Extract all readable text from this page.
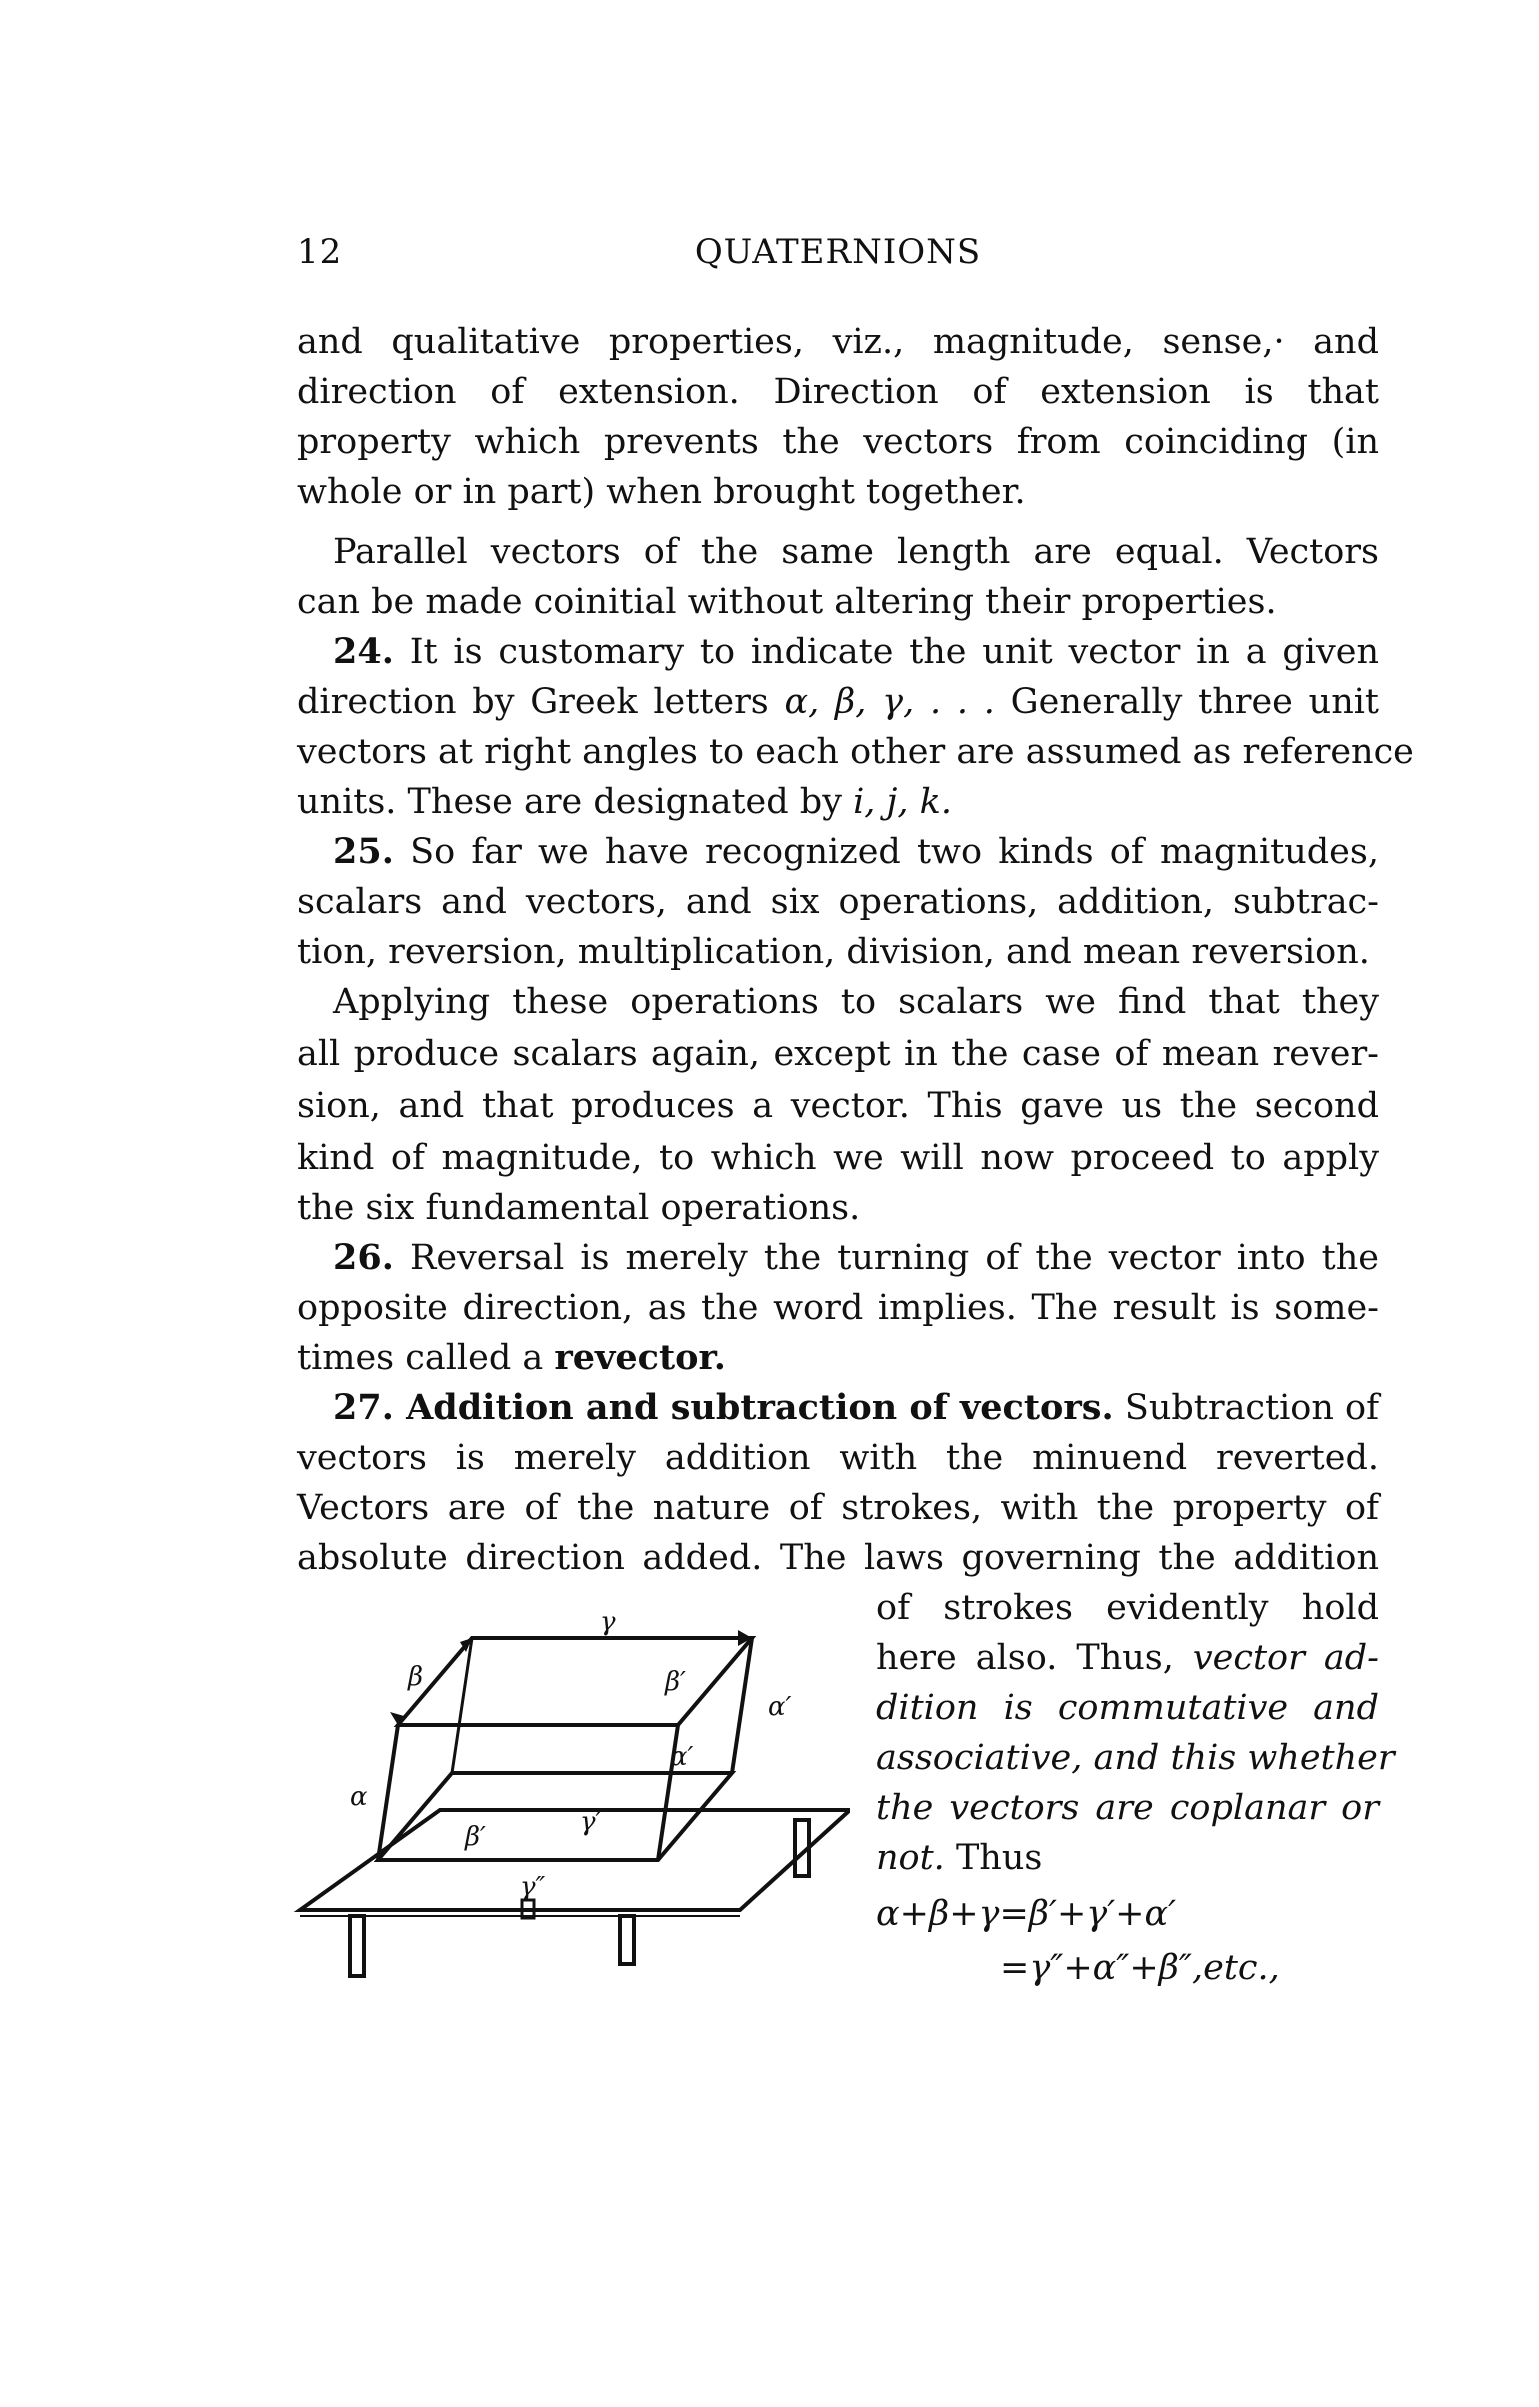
12	QUATERNIONS
and qualitative properties, viz., magnitude, sense,· and
direction of extension. Direction of extension is that
property which prevents the vectors from coinciding (in
whole or in part) when brought together.
Parallel vectors of the same length are equal. Vectors
can be made coinitial without altering their properties.
24. It is customary to indicate the unit vector in a given
direction by Greek letters α, β, γ, . . . Generally three unit
vectors at right angles to each other are assumed as reference
units. These are designated by i, j, k.
25. So far we have recognized two kinds of magnitudes,
scalars and vectors, and six operations, addition, subtrac-
tion, reversion, multiplication, division, and mean reversion.
Applying these operations to scalars we find that they
all produce scalars again, except in the case of mean rever-
sion, and that produces a vector. This gave us the second
kind of magnitude, to which we will now proceed to apply
the six fundamental operations.
26. Reversal is merely the turning of the vector into the
opposite direction, as the word implies. The result is some-
times called a revector.
27. Addition and subtraction of vectors. Subtraction of
vectors is merely addition with the minuend reverted.
Vectors are of the nature of strokes, with the property of
absolute direction added. The laws governing the addition
of strokes evidently hold
here also. Thus, vector ad-
dition is commutative and
associative, and this whether
the vectors are coplanar or
not. Thus
α+β+γ=β′+γ′+α′
=γ″+α″+β″,etc.,
γ
β	β′
α′
α′
α
β′	γ′
γ″
